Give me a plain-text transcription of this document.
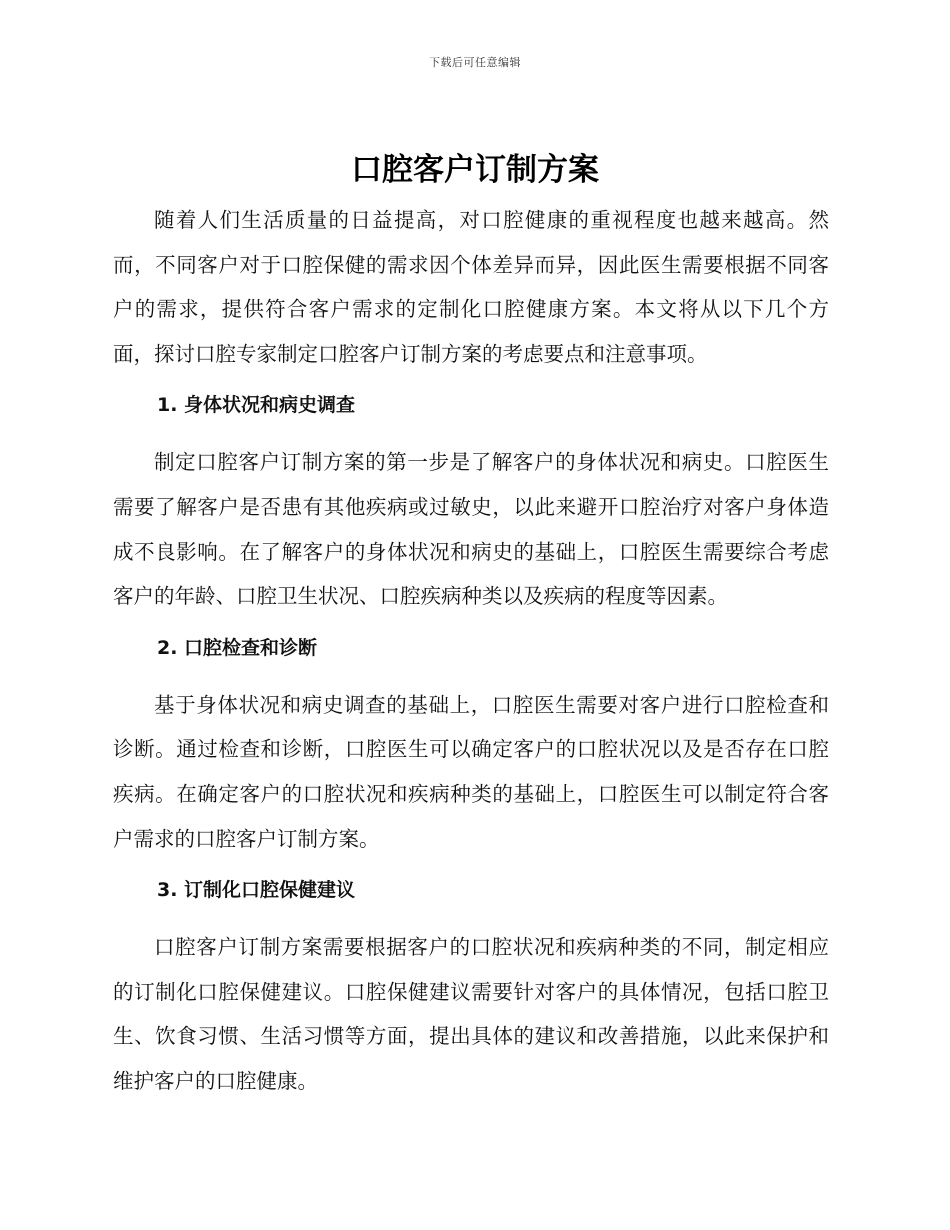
下载后可任意编辑
口腔客户订制方案

随着人们生活质量的日益提高，对口腔健康的重视程度也越来越高。然而，不同客户对于口腔保健的需求因个体差异而异，因此医生需要根据不同客户的需求，提供符合客户需求的定制化口腔健康方案。本文将从以下几个方面，探讨口腔专家制定口腔客户订制方案的考虑要点和注意事项。

1. 身体状况和病史调查

制定口腔客户订制方案的第一步是了解客户的身体状况和病史。口腔医生需要了解客户是否患有其他疾病或过敏史，以此来避开口腔治疗对客户身体造成不良影响。在了解客户的身体状况和病史的基础上，口腔医生需要综合考虑客户的年龄、口腔卫生状况、口腔疾病种类以及疾病的程度等因素。

2. 口腔检查和诊断

基于身体状况和病史调查的基础上，口腔医生需要对客户进行口腔检查和诊断。通过检查和诊断，口腔医生可以确定客户的口腔状况以及是否存在口腔疾病。在确定客户的口腔状况和疾病种类的基础上，口腔医生可以制定符合客户需求的口腔客户订制方案。

3. 订制化口腔保健建议

口腔客户订制方案需要根据客户的口腔状况和疾病种类的不同，制定相应的订制化口腔保健建议。口腔保健建议需要针对客户的具体情况，包括口腔卫生、饮食习惯、生活习惯等方面，提出具体的建议和改善措施，以此来保护和维护客户的口腔健康。
